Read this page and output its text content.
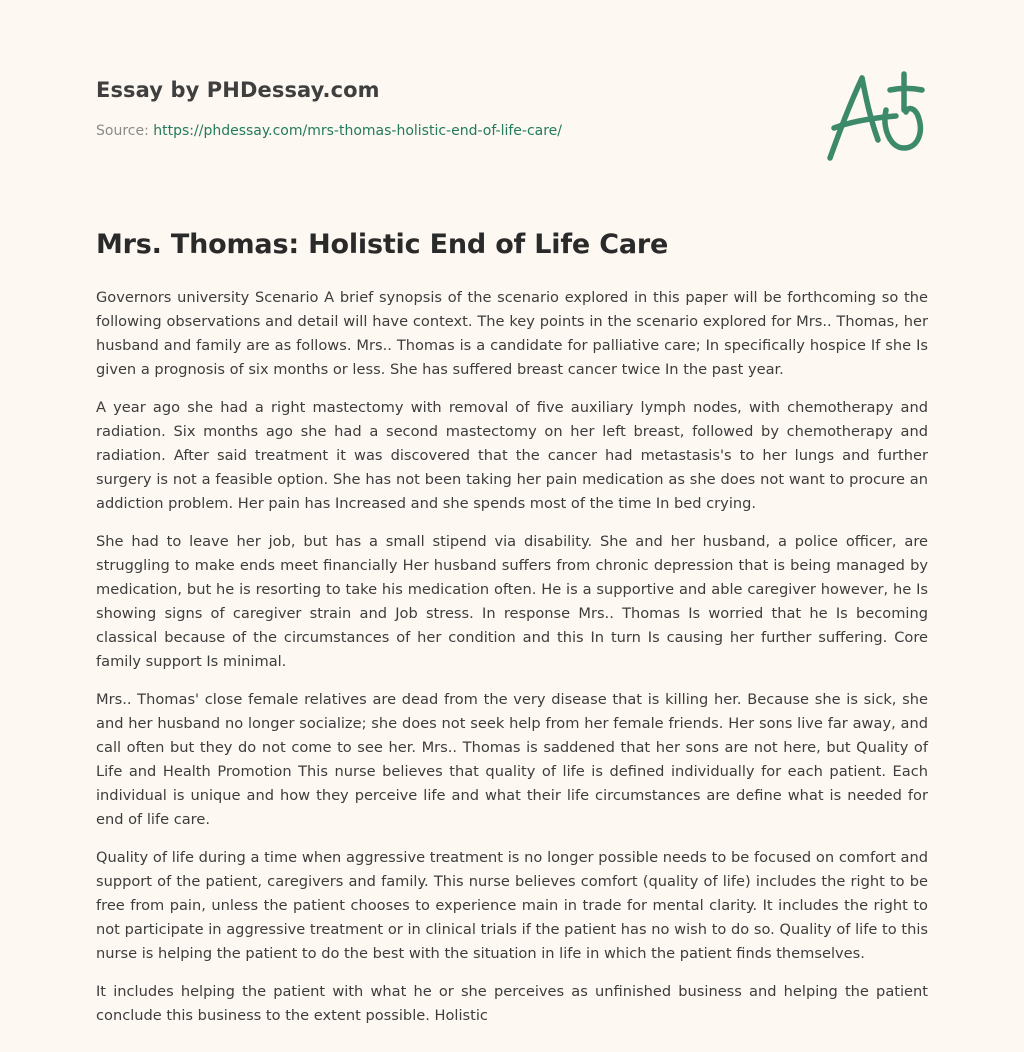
Essay by PHDessay.com
Source: https://phdessay.com/mrs-thomas-holistic-end-of-life-care/
Mrs. Thomas: Holistic End of Life Care

Governors university Scenario A brief synopsis of the scenario explored in this paper will be forthcoming so the following observations and detail will have context. The key points in the scenario explored for Mrs.. Thomas, her husband and family are as follows. Mrs.. Thomas is a candidate for palliative care; In specifically hospice If she Is given a prognosis of six months or less. She has suffered breast cancer twice In the past year.

A year ago she had a right mastectomy with removal of five auxiliary lymph nodes, with chemotherapy and radiation. Six months ago she had a second mastectomy on her left breast, followed by chemotherapy and radiation. After said treatment it was discovered that the cancer had metastasis's to her lungs and further surgery is not a feasible option. She has not been taking her pain medication as she does not want to procure an addiction problem. Her pain has Increased and she spends most of the time In bed crying.

She had to leave her job, but has a small stipend via disability. She and her husband, a police officer, are struggling to make ends meet financially Her husband suffers from chronic depression that is being managed by medication, but he is resorting to take his medication often. He is a supportive and able caregiver however, he Is showing signs of caregiver strain and Job stress. In response Mrs.. Thomas Is worried that he Is becoming classical because of the circumstances of her condition and this In turn Is causing her further suffering. Core family support Is minimal.

Mrs.. Thomas' close female relatives are dead from the very disease that is killing her. Because she is sick, she and her husband no longer socialize; she does not seek help from her female friends. Her sons live far away, and call often but they do not come to see her. Mrs.. Thomas is saddened that her sons are not here, but Quality of Life and Health Promotion This nurse believes that quality of life is defined individually for each patient. Each individual is unique and how they perceive life and what their life circumstances are define what is needed for end of life care.

Quality of life during a time when aggressive treatment is no longer possible needs to be focused on comfort and support of the patient, caregivers and family. This nurse believes comfort (quality of life) includes the right to be free from pain, unless the patient chooses to experience main in trade for mental clarity. It includes the right to not participate in aggressive treatment or in clinical trials if the patient has no wish to do so. Quality of life to this nurse is helping the patient to do the best with the situation in life in which the patient finds themselves.

It includes helping the patient with what he or she perceives as unfinished business and helping the patient conclude this business to the extent possible. Holistic
